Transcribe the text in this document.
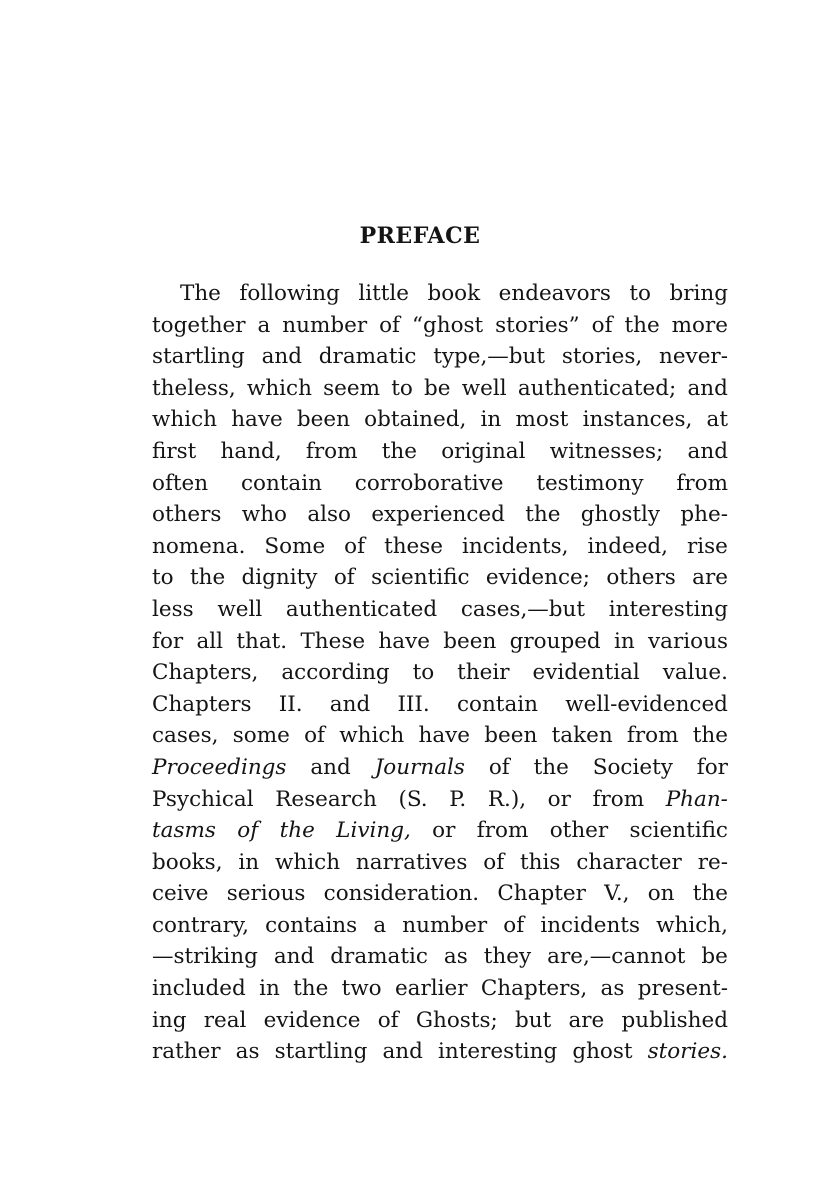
PREFACE
The following little book endeavors to bring
together a number of “ghost stories” of the more
startling and dramatic type,—but stories, never-
theless, which seem to be well authenticated; and
which have been obtained, in most instances, at
first hand, from the original witnesses; and
often contain corroborative testimony from
others who also experienced the ghostly phe-
nomena. Some of these incidents, indeed, rise
to the dignity of scientific evidence; others are
less well authenticated cases,—but interesting
for all that. These have been grouped in various
Chapters, according to their evidential value.
Chapters II. and III. contain well-evidenced
cases, some of which have been taken from the
Proceedings and Journals of the Society for
Psychical Research (S. P. R.), or from Phan-
tasms of the Living, or from other scientific
books, in which narratives of this character re-
ceive serious consideration. Chapter V., on the
contrary, contains a number of incidents which,
—striking and dramatic as they are,—cannot be
included in the two earlier Chapters, as present-
ing real evidence of Ghosts; but are published
rather as startling and interesting ghost stories.
